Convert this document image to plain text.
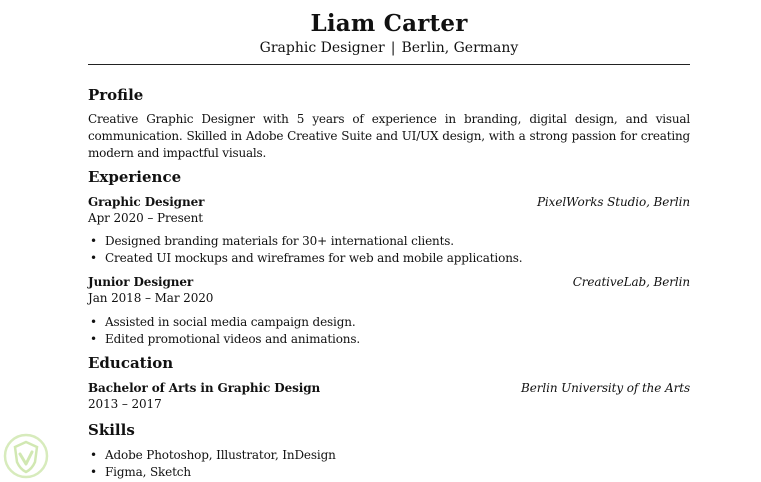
Liam Carter
Graphic Designer | Berlin, Germany
Profile
Creative Graphic Designer with 5 years of experience in branding, digital design, and visual communication. Skilled in Adobe Creative Suite and UI/UX design, with a strong passion for creating modern and impactful visuals.
Experience
Graphic Designer	PixelWorks Studio, Berlin
Apr 2020 – Present
• Designed branding materials for 30+ international clients.
• Created UI mockups and wireframes for web and mobile applications.
Junior Designer	CreativeLab, Berlin
Jan 2018 – Mar 2020
• Assisted in social media campaign design.
• Edited promotional videos and animations.
Education
Bachelor of Arts in Graphic Design	Berlin University of the Arts
2013 – 2017
Skills
• Adobe Photoshop, Illustrator, InDesign
• Figma, Sketch
